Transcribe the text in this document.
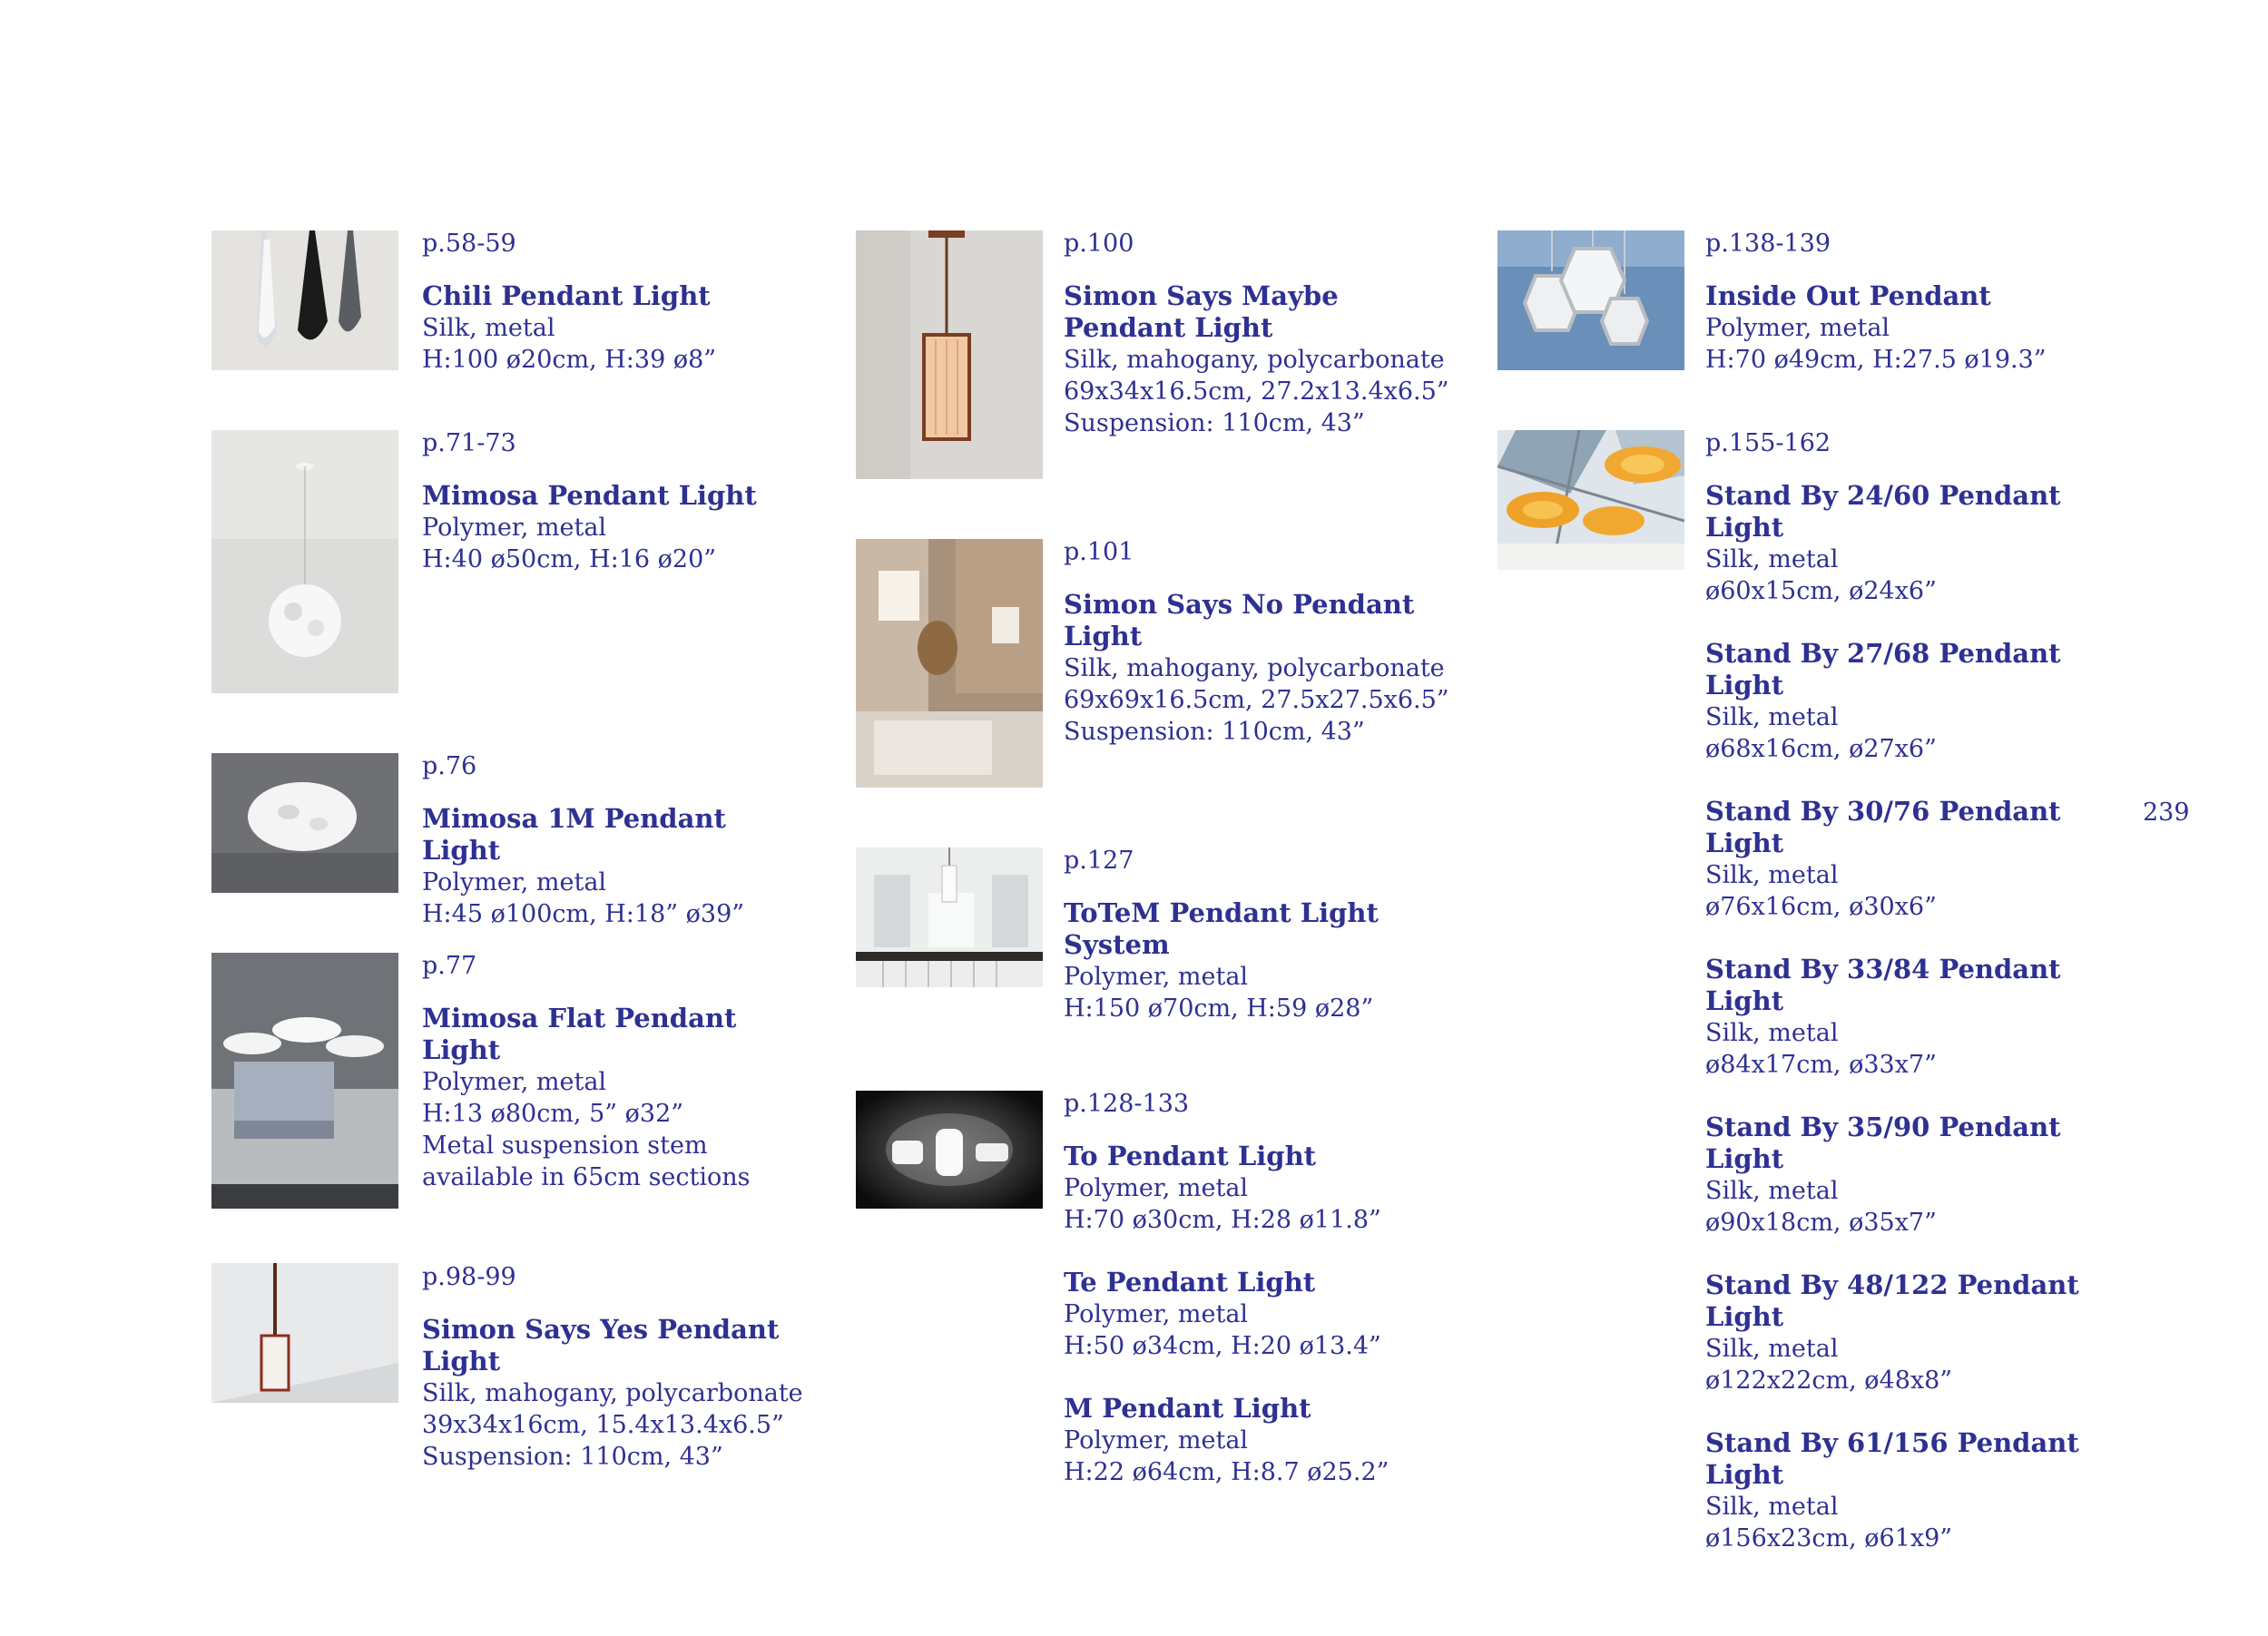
p.58-59
Chili Pendant Light
Silk, metal
H:100 ø20cm, H:39 ø8”
p.71-73
Mimosa Pendant Light
Polymer, metal
H:40 ø50cm, H:16 ø20”
p.76
Mimosa 1M Pendant Light
Polymer, metal
H:45 ø100cm, H:18” ø39”
p.77
Mimosa Flat Pendant Light
Polymer, metal
H:13 ø80cm, 5” ø32”
Metal suspension stem
available in 65cm sections
p.98-99
Simon Says Yes Pendant Light
Silk, mahogany, polycarbonate
39x34x16cm, 15.4x13.4x6.5”
Suspension: 110cm, 43”
p.100
Simon Says Maybe Pendant Light
Silk, mahogany, polycarbonate
69x34x16.5cm, 27.2x13.4x6.5”
Suspension: 110cm, 43”
p.101
Simon Says No Pendant Light
Silk, mahogany, polycarbonate
69x69x16.5cm, 27.5x27.5x6.5”
Suspension: 110cm, 43”
p.127
ToTeM Pendant Light System
Polymer, metal
H:150 ø70cm, H:59 ø28”
p.128-133
To Pendant Light
Polymer, metal
H:70 ø30cm, H:28 ø11.8”
Te Pendant Light
Polymer, metal
H:50 ø34cm, H:20 ø13.4”
M Pendant Light
Polymer, metal
H:22 ø64cm, H:8.7 ø25.2”
p.138-139
Inside Out Pendant
Polymer, metal
H:70 ø49cm, H:27.5 ø19.3”
p.155-162
Stand By 24/60 Pendant Light
Silk, metal
ø60x15cm, ø24x6”
Stand By 27/68 Pendant Light
Silk, metal
ø68x16cm, ø27x6”
Stand By 30/76 Pendant Light
Silk, metal
ø76x16cm, ø30x6”
Stand By 33/84 Pendant Light
Silk, metal
ø84x17cm, ø33x7”
Stand By 35/90 Pendant Light
Silk, metal
ø90x18cm, ø35x7”
Stand By 48/122 Pendant Light
Silk, metal
ø122x22cm, ø48x8”
Stand By 61/156 Pendant Light
Silk, metal
ø156x23cm, ø61x9”
239
